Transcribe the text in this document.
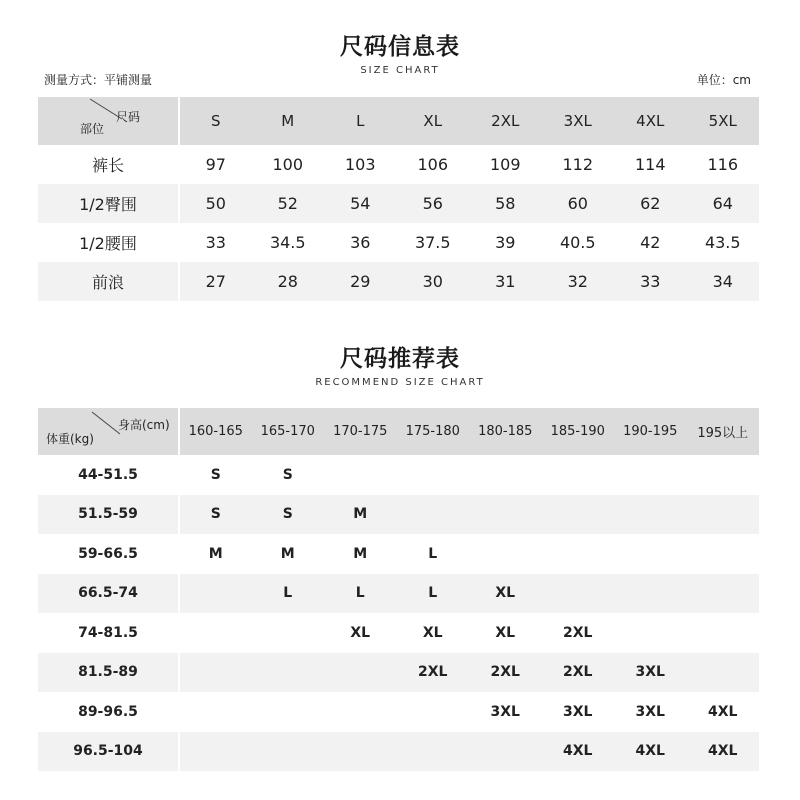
尺码信息表
SIZE CHART
测量方式：平铺测量	单位：cm
尺码
部位	S	M	L	XL	2XL	3XL	4XL	5XL
裤长	97	100	103	106	109	112	114	116
1/2臀围	50	52	54	56	58	60	62	64
1/2腰围	33	34.5	36	37.5	39	40.5	42	43.5
前浪	27	28	29	30	31	32	33	34
尺码推荐表
RECOMMEND SIZE CHART
身高(cm)
体重(kg)	160-165	165-170	170-175	175-180	180-185	185-190	190-195	195以上
44-51.5	S	S						
51.5-59	S	S	M					
59-66.5	M	M	M	L				
66.5-74		L	L	L	XL			
74-81.5			XL	XL	XL	2XL		
81.5-89				2XL	2XL	2XL	3XL	
89-96.5					3XL	3XL	3XL	4XL
96.5-104						4XL	4XL	4XL
